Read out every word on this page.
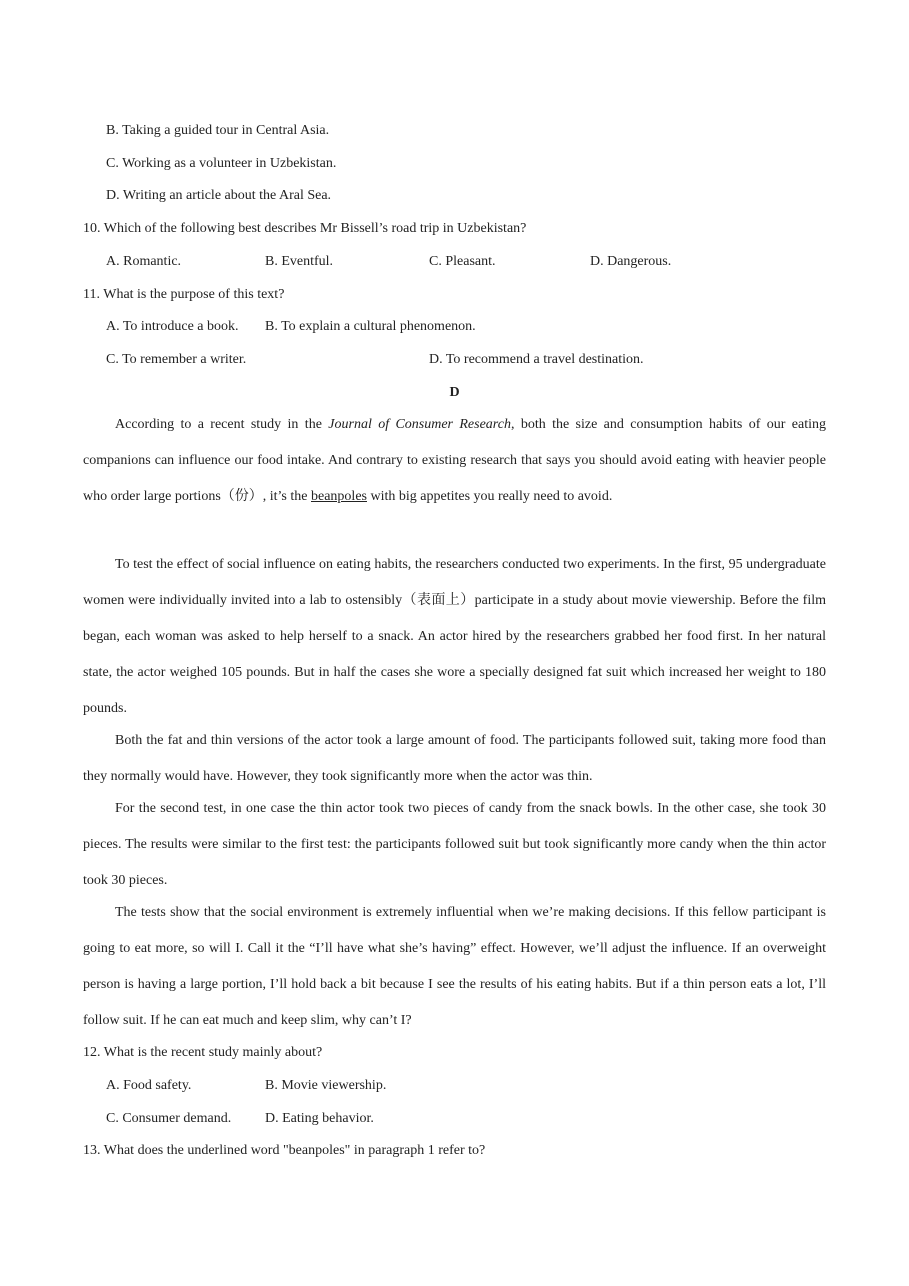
B. Taking a guided tour in Central Asia.
C. Working as a volunteer in Uzbekistan.
D. Writing an article about the Aral Sea.
10. Which of the following best describes Mr Bissell’s road trip in Uzbekistan?
A. Romantic.	B. Eventful.	C. Pleasant.	D. Dangerous.
11. What is the purpose of this text?
A. To introduce a book. B. To explain a cultural phenomenon.
C. To remember a writer.	D. To recommend a travel destination.
D

According to a recent study in the Journal of Consumer Research, both the size and consumption habits of our eating companions can influence our food intake. And contrary to existing research that says you should avoid eating with heavier people who order large portions（份）, it’s the beanpoles with big appetites you really need to avoid.

To test the effect of social influence on eating habits, the researchers conducted two experiments. In the first, 95 undergraduate women were individually invited into a lab to ostensibly（表面上）participate in a study about movie viewership. Before the film began, each woman was asked to help herself to a snack. An actor hired by the researchers grabbed her food first. In her natural state, the actor weighed 105 pounds. But in half the cases she wore a specially designed fat suit which increased her weight to 180 pounds.

Both the fat and thin versions of the actor took a large amount of food. The participants followed suit, taking more food than they normally would have. However, they took significantly more when the actor was thin.

For the second test, in one case the thin actor took two pieces of candy from the snack bowls. In the other case, she took 30 pieces. The results were similar to the first test: the participants followed suit but took significantly more candy when the thin actor took 30 pieces.

The tests show that the social environment is extremely influential when we’re making decisions. If this fellow participant is going to eat more, so will I. Call it the “I’ll have what she’s having” effect. However, we’ll adjust the influence. If an overweight person is having a large portion, I’ll hold back a bit because I see the results of his eating habits. But if a thin person eats a lot, I’ll follow suit. If he can eat much and keep slim, why can’t I?

12. What is the recent study mainly about?
A. Food safety.	B. Movie viewership.
C. Consumer demand. D. Eating behavior.
13. What does the underlined word "beanpoles" in paragraph 1 refer to?
